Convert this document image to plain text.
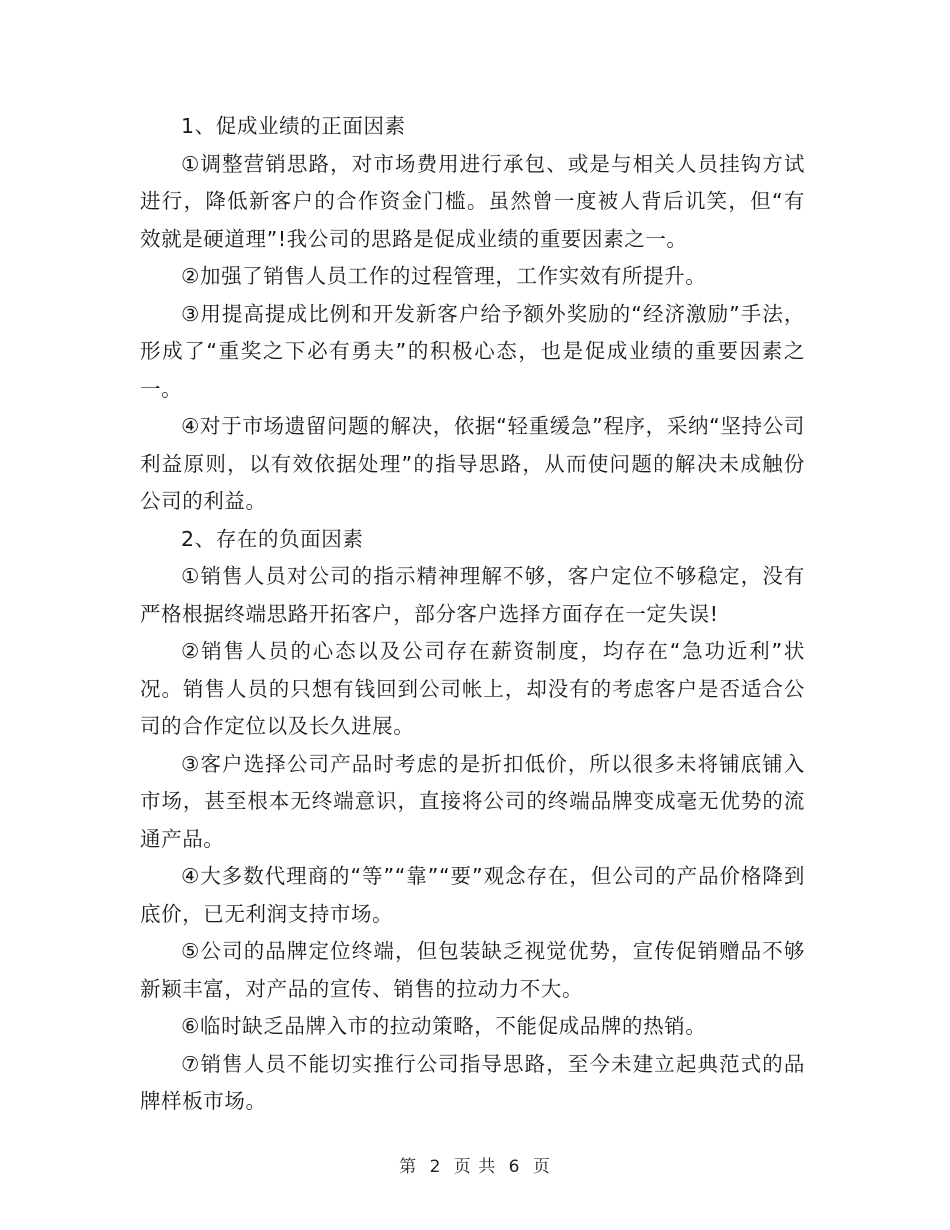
1、促成业绩的正面因素

①调整营销思路，对市场费用进行承包、或是与相关人员挂钩方试进行，降低新客户的合作资金门槛。虽然曾一度被人背后讥笑，但“有效就是硬道理”!我公司的思路是促成业绩的重要因素之一。

②加强了销售人员工作的过程管理，工作实效有所提升。

③用提高提成比例和开发新客户给予额外奖励的“经济激励”手法，形成了“重奖之下必有勇夫”的积极心态，也是促成业绩的重要因素之一。

④对于市场遗留问题的解决，依据“轻重缓急”程序，采纳“坚持公司利益原则，以有效依据处理”的指导思路，从而使问题的解决未成触份公司的利益。

2、存在的负面因素

①销售人员对公司的指示精神理解不够，客户定位不够稳定，没有严格根据终端思路开拓客户，部分客户选择方面存在一定失误!

②销售人员的心态以及公司存在薪资制度，均存在“急功近利”状况。销售人员的只想有钱回到公司帐上，却没有的考虑客户是否适合公司的合作定位以及长久进展。

③客户选择公司产品时考虑的是折扣低价，所以很多未将铺底铺入市场，甚至根本无终端意识，直接将公司的终端品牌变成毫无优势的流通产品。

④大多数代理商的“等”“靠”“要”观念存在，但公司的产品价格降到底价，已无利润支持市场。

⑤公司的品牌定位终端，但包装缺乏视觉优势，宣传促销赠品不够新颖丰富，对产品的宣传、销售的拉动力不大。

⑥临时缺乏品牌入市的拉动策略，不能促成品牌的热销。

⑦销售人员不能切实推行公司指导思路，至今未建立起典范式的品牌样板市场。

第 2 页 共 6 页
